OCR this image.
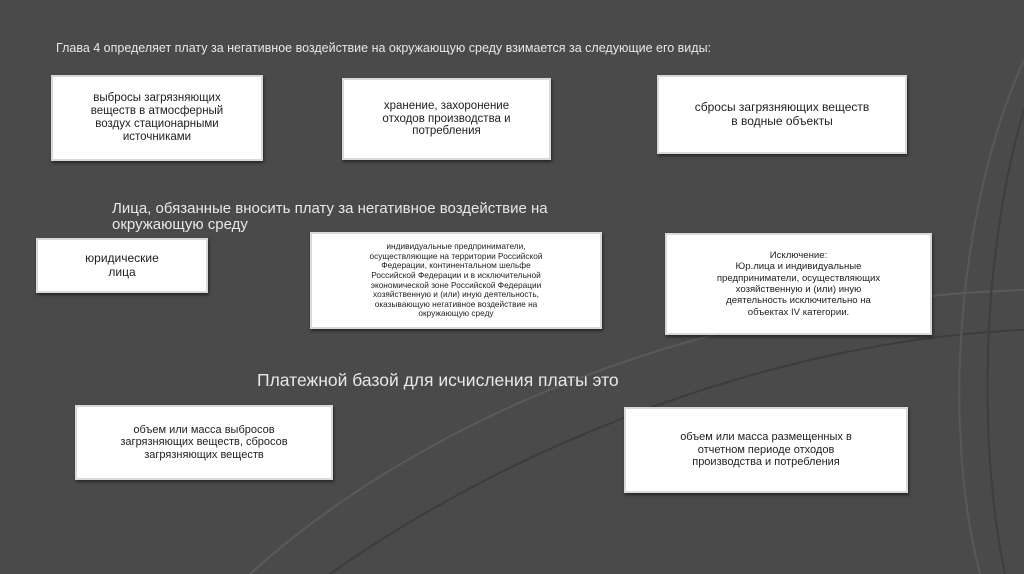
Глава 4 определяет плату за негативное воздействие на окружающую среду взимается за следующие его виды:
выбросы загрязняющих
веществ в атмосферный
воздух стационарными
источниками
хранение, захоронение
отходов производства и
потребления
сбросы загрязняющих веществ
в водные объекты
Лица, обязанные вносить плату за негативное воздействие на
окружающую среду
юридические
лица
индивидуальные предприниматели,
осуществляющие на территории Российской
Федерации, континентальном шельфе
Российской Федерации и в исключительной
экономической зоне Российской Федерации
хозяйственную и (или) иную деятельность,
оказывающую негативное воздействие на
окружающую среду
Исключение:
Юр.лица и индивидуальные
предприниматели, осуществляющих
хозяйственную и (или) иную
деятельность исключительно на
объектах IV категории.
Платежной базой для исчисления платы это
объем или масса выбросов
загрязняющих веществ, сбросов
загрязняющих веществ
объем или масса размещенных в
отчетном периоде отходов
производства и потребления
